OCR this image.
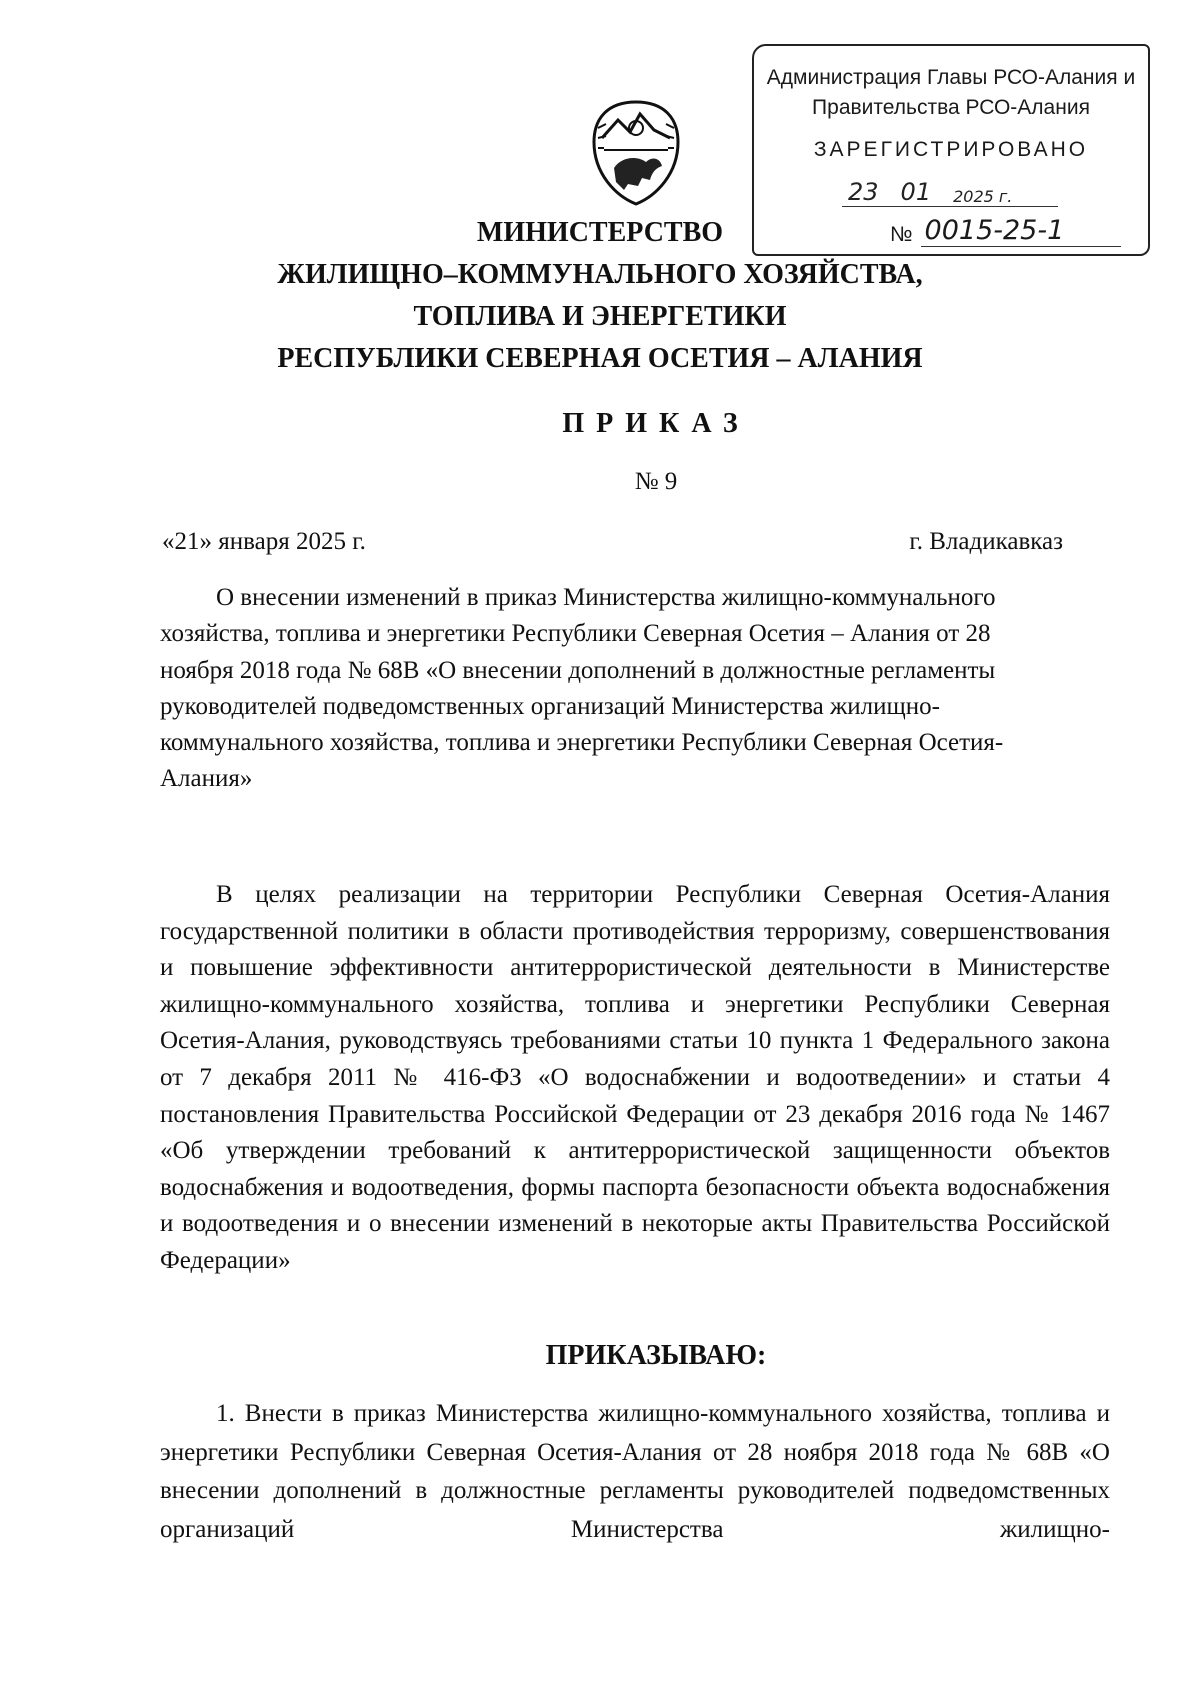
Администрация Главы РСО-Алания и
Правительства РСО-Алания
ЗАРЕГИСТРИРОВАНО
23 01 2025 г.
№ 0015-25-1
МИНИСТЕРСТВО
ЖИЛИЩНО–КОММУНАЛЬНОГО ХОЗЯЙСТВА,
ТОПЛИВА И ЭНЕРГЕТИКИ
РЕСПУБЛИКИ СЕВЕРНАЯ ОСЕТИЯ – АЛАНИЯ
ПРИКАЗ
№ 9
«21» января 2025 г.	г. Владикавказ

О внесении изменений в приказ Министерства жилищно-коммунального хозяйства, топлива и энергетики Республики Северная Осетия – Алания от 28 ноября 2018 года № 68В «О внесении дополнений в должностные регламенты руководителей подведомственных организаций Министерства жилищно-коммунального хозяйства, топлива и энергетики Республики Северная Осетия-Алания»

В целях реализации на территории Республики Северная Осетия-Алания государственной политики в области противодействия терроризму, совершенствования и повышение эффективности антитеррористической деятельности в Министерстве жилищно-коммунального хозяйства, топлива и энергетики Республики Северная Осетия-Алания, руководствуясь требованиями статьи 10 пункта 1 Федерального закона от 7 декабря 2011 № 416-ФЗ «О водоснабжении и водоотведении» и статьи 4 постановления Правительства Российской Федерации от 23 декабря 2016 года № 1467 «Об утверждении требований к антитеррористической защищенности объектов водоснабжения и водоотведения, формы паспорта безопасности объекта водоснабжения и водоотведения и о внесении изменений в некоторые акты Правительства Российской Федерации»

ПРИКАЗЫВАЮ:

1. Внести в приказ Министерства жилищно-коммунального хозяйства, топлива и энергетики Республики Северная Осетия-Алания от 28 ноября 2018 года № 68В «О внесении дополнений в должностные регламенты руководителей подведомственных организаций Министерства жилищно-
